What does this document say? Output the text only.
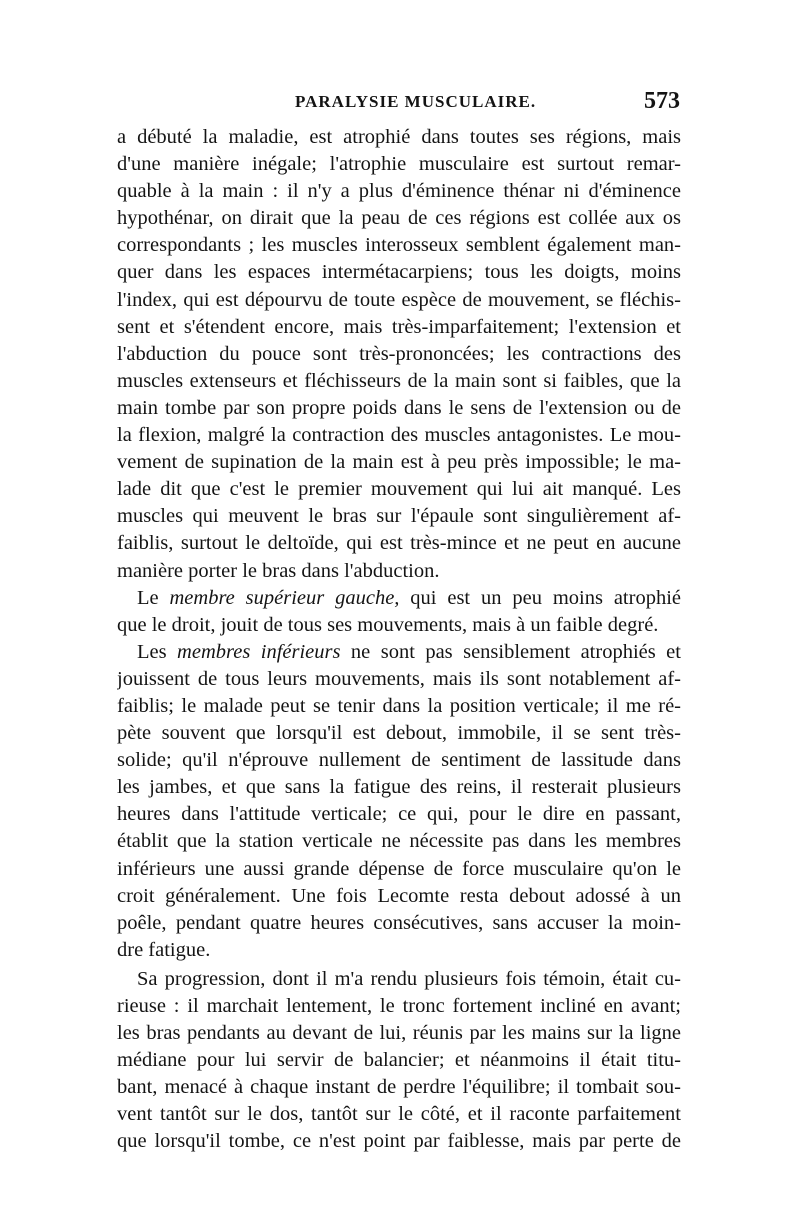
PARALYSIE MUSCULAIRE.	573
a débuté la maladie, est atrophié dans toutes ses régions, mais
d'une manière inégale; l'atrophie musculaire est surtout remar-
quable à la main : il n'y a plus d'éminence thénar ni d'éminence
hypothénar, on dirait que la peau de ces régions est collée aux os
correspondants ; les muscles interosseux semblent également man-
quer dans les espaces intermétacarpiens; tous les doigts, moins
l'index, qui est dépourvu de toute espèce de mouvement, se fléchis-
sent et s'étendent encore, mais très-imparfaitement; l'extension et
l'abduction du pouce sont très-prononcées; les contractions des
muscles extenseurs et fléchisseurs de la main sont si faibles, que la
main tombe par son propre poids dans le sens de l'extension ou de
la flexion, malgré la contraction des muscles antagonistes. Le mou-
vement de supination de la main est à peu près impossible; le ma-
lade dit que c'est le premier mouvement qui lui ait manqué. Les
muscles qui meuvent le bras sur l'épaule sont singulièrement af-
faiblis, surtout le deltoïde, qui est très-mince et ne peut en aucune
manière porter le bras dans l'abduction.
Le membre supérieur gauche, qui est un peu moins atrophié
que le droit, jouit de tous ses mouvements, mais à un faible degré.
Les membres inférieurs ne sont pas sensiblement atrophiés et
jouissent de tous leurs mouvements, mais ils sont notablement af-
faiblis; le malade peut se tenir dans la position verticale; il me ré-
pète souvent que lorsqu'il est debout, immobile, il se sent très-
solide; qu'il n'éprouve nullement de sentiment de lassitude dans
les jambes, et que sans la fatigue des reins, il resterait plusieurs
heures dans l'attitude verticale; ce qui, pour le dire en passant,
établit que la station verticale ne nécessite pas dans les membres
inférieurs une aussi grande dépense de force musculaire qu'on le
croit généralement. Une fois Lecomte resta debout adossé à un
poêle, pendant quatre heures consécutives, sans accuser la moin-
dre fatigue.
Sa progression, dont il m'a rendu plusieurs fois témoin, était cu-
rieuse : il marchait lentement, le tronc fortement incliné en avant;
les bras pendants au devant de lui, réunis par les mains sur la ligne
médiane pour lui servir de balancier; et néanmoins il était titu-
bant, menacé à chaque instant de perdre l'équilibre; il tombait sou-
vent tantôt sur le dos, tantôt sur le côté, et il raconte parfaitement
que lorsqu'il tombe, ce n'est point par faiblesse, mais par perte de
